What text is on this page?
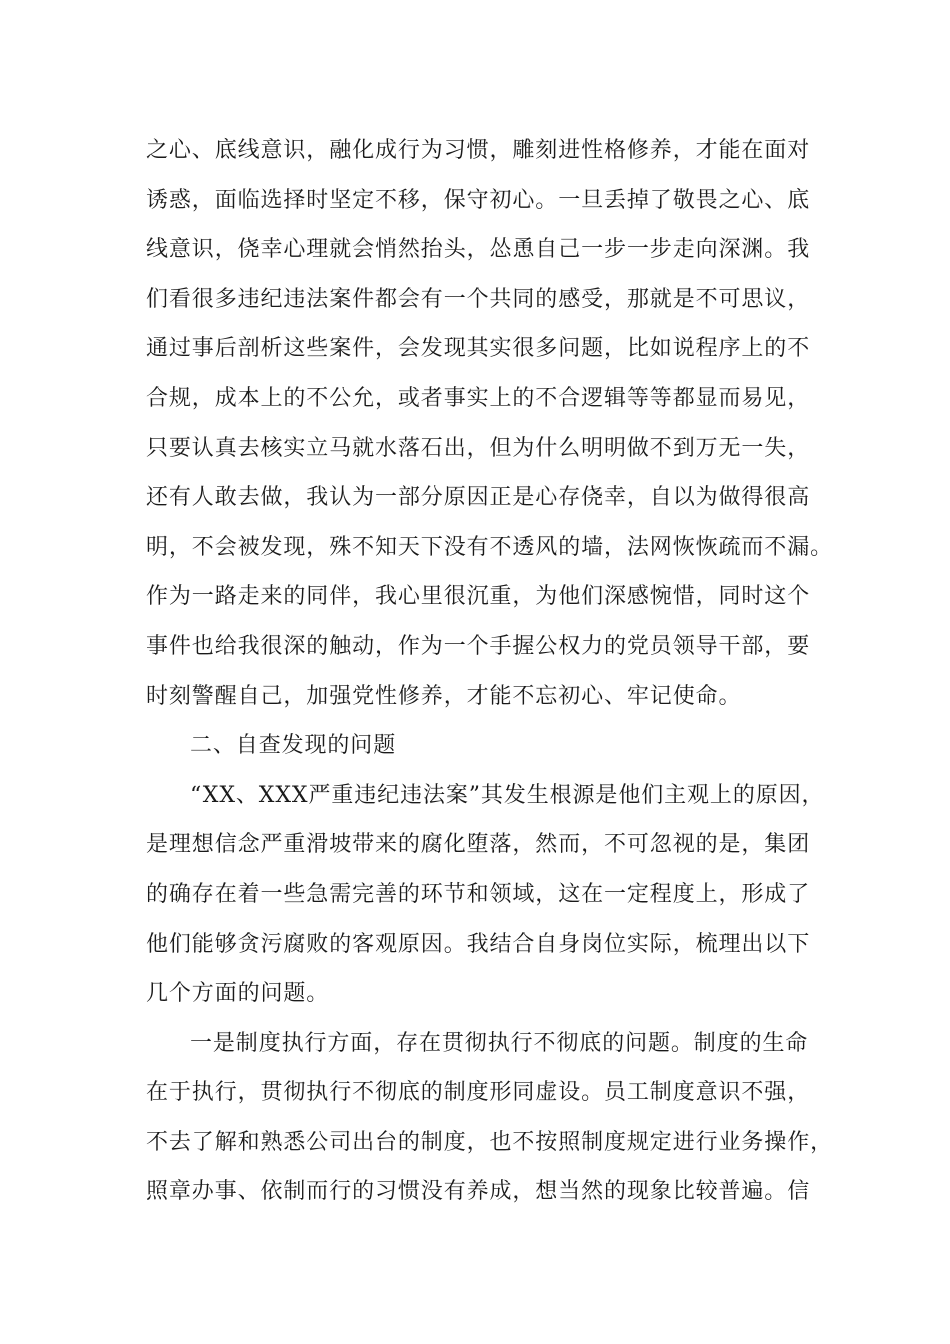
之心、底线意识，融化成行为习惯，雕刻进性格修养，才能在面对
诱惑，面临选择时坚定不移，保守初心。一旦丢掉了敬畏之心、底
线意识，侥幸心理就会悄然抬头，怂恿自己一步一步走向深渊。我
们看很多违纪违法案件都会有一个共同的感受，那就是不可思议，
通过事后剖析这些案件，会发现其实很多问题，比如说程序上的不
合规，成本上的不公允，或者事实上的不合逻辑等等都显而易见，
只要认真去核实立马就水落石出，但为什么明明做不到万无一失，
还有人敢去做，我认为一部分原因正是心存侥幸，自以为做得很高
明，不会被发现，殊不知天下没有不透风的墙，法网恢恢疏而不漏。
作为一路走来的同伴，我心里很沉重，为他们深感惋惜，同时这个
事件也给我很深的触动，作为一个手握公权力的党员领导干部，要
时刻警醒自己，加强党性修养，才能不忘初心、牢记使命。
二、自查发现的问题
“XX、XXX严重违纪违法案”其发生根源是他们主观上的原因，
是理想信念严重滑坡带来的腐化堕落，然而，不可忽视的是，集团
的确存在着一些急需完善的环节和领域，这在一定程度上，形成了
他们能够贪污腐败的客观原因。我结合自身岗位实际，梳理出以下
几个方面的问题。
一是制度执行方面，存在贯彻执行不彻底的问题。制度的生命
在于执行，贯彻执行不彻底的制度形同虚设。员工制度意识不强，
不去了解和熟悉公司出台的制度，也不按照制度规定进行业务操作，
照章办事、依制而行的习惯没有养成，想当然的现象比较普遍。信
